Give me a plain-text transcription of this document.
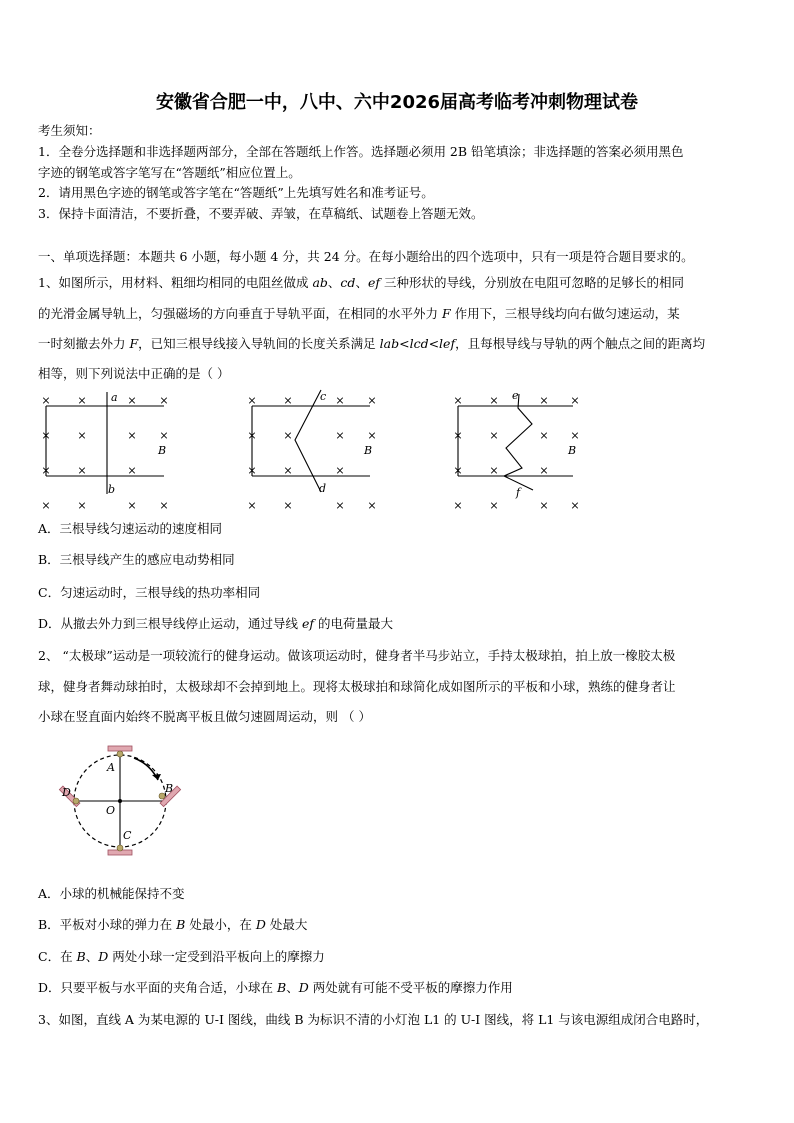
安徽省合肥一中，八中、六中2026届高考临考冲刺物理试卷
考生须知：
1．全卷分选择题和非选择题两部分，全部在答题纸上作答。选择题必须用 2B 铅笔填涂；非选择题的答案必须用黑色
字迹的钢笔或答字笔写在“答题纸”相应位置上。
2．请用黑色字迹的钢笔或答字笔在“答题纸”上先填写姓名和准考证号。
3．保持卡面清洁，不要折叠，不要弄破、弄皱，在草稿纸、试题卷上答题无效。
一、单项选择题：本题共 6 小题，每小题 4 分，共 24 分。在每小题给出的四个选项中，只有一项是符合题目要求的。
1、如图所示，用材料、粗细均相同的电阻丝做成 ab、cd、ef 三种形状的导线，分别放在电阻可忽略的足够长的相同
的光滑金属导轨上，匀强磁场的方向垂直于导轨平面，在相同的水平外力 F 作用下，三根导线均向右做匀速运动，某
一时刻撤去外力 F，已知三根导线接入导轨间的长度关系满足 lab<lcd<lef，且每根导线与导轨的两个触点之间的距离均
相等，则下列说法中正确的是（ ）
× ×	× ×
× ×	× ×
× ×	×
× ×	× ×
× ×	× ×
× ×	× ×
× ×	×
× ×	× ×
× ×	× ×
× ×	× ×
× ×	×
× ×	× ×
a
b
c
d
e
f
B	B	B
A．三根导线匀速运动的速度相同
B．三根导线产生的感应电动势相同
C．匀速运动时，三根导线的热功率相同
D．从撤去外力到三根导线停止运动，通过导线 ef 的电荷量最大
2、 “太极球”运动是一项较流行的健身运动。做该项运动时，健身者半马步站立，手持太极球拍，拍上放一橡胶太极
球，健身者舞动球拍时，太极球却不会掉到地上。现将太极球拍和球简化成如图所示的平板和小球，熟练的健身者让
小球在竖直面内始终不脱离平板且做匀速圆周运动，则 （ ）
A
B
C
D
O
A．小球的机械能保持不变
B．平板对小球的弹力在 B 处最小，在 D 处最大
C．在 B、D 两处小球一定受到沿平板向上的摩擦力
D．只要平板与水平面的夹角合适，小球在 B、D 两处就有可能不受平板的摩擦力作用
3、如图，直线 A 为某电源的 U-I 图线，曲线 B 为标识不清的小灯泡 L1 的 U-I 图线，将 L1 与该电源组成闭合电路时，
